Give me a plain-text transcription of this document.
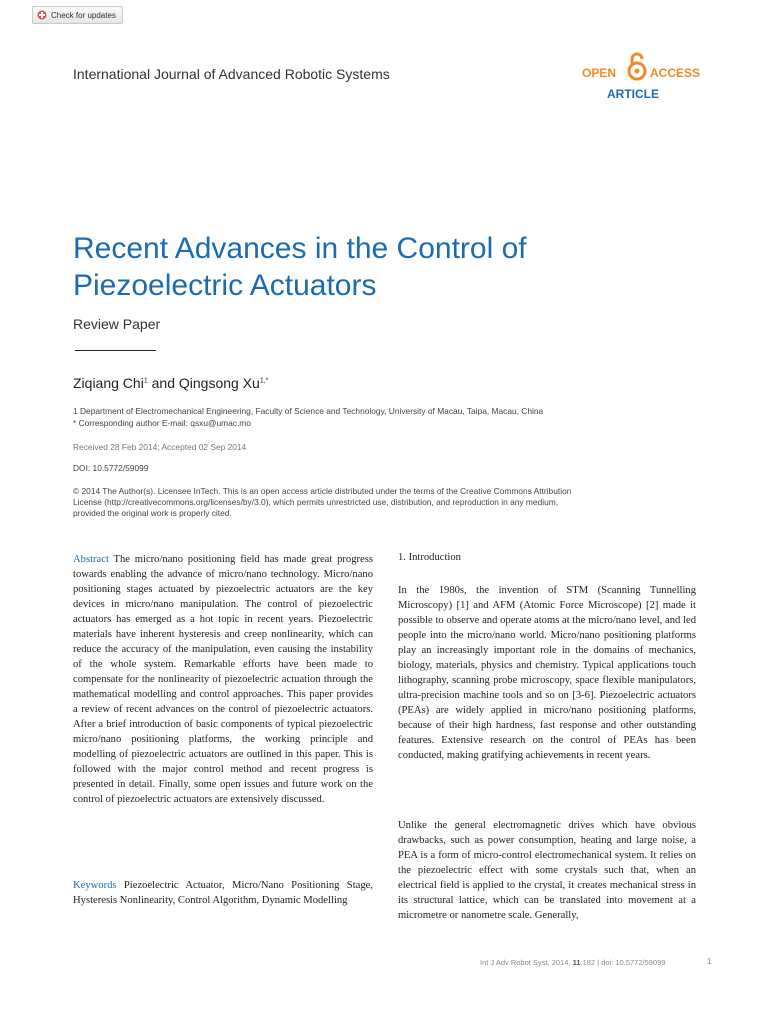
Check for updates
International Journal of Advanced Robotic Systems	OPEN	ACCESS
ARTICLE
Recent Advances in the Control of Piezoelectric Actuators
Review Paper
Ziqiang Chi$^1$ and Qingsong $Xu^{1,*}$
1 Department of Electromechanical Engineering, Faculty of Science and Technology, University of Macau, Taipa, Macau, China
* Corresponding author E-mail: qsxu@umac.mo
Received 28 Feb 2014; Accepted 02 Sep 2014
DOI: 10.5772/59099
© 2014 The Author(s). Licensee InTech. This is an open access article distributed under the terms of the Creative Commons Attribution License (http://creativecommons.org/licenses/by/3.0), which permits unrestricted use, distribution, and reproduction in any medium, provided the original work is properly cited.
Abstract The micro/nano positioning field has made great progress towards enabling the advance of micro/nano technology. Micro/nano positioning stages actuated by piezoelectric actuators are the key devices in micro/nano manipulation. The control of piezoelectric actuators has emerged as a hot topic in recent years. Piezoelectric materials have inherent hysteresis and creep nonlinearity, which can reduce the accuracy of the manipulation, even causing the instability of the whole system. Remarkable efforts have been made to compensate for the nonlinearity of piezoelectric actuation through the mathematical modelling and control approaches. This paper provides a review of recent advances on the control of piezoelectric actuators. After a brief introduction of basic components of typical piezoelectric micro/nano positioning platforms, the working principle and modelling of piezoelectric actuators are outlined in this paper. This is followed with the major control method and recent progress is presented in detail. Finally, some open issues and future work on the control of piezoelectric actuators are extensively discussed.
Keywords Piezoelectric Actuator, Micro/Nano Positioning Stage, Hysteresis Nonlinearity, Control Algorithm, Dynamic Modelling
1. Introduction
In the 1980s, the invention of STM (Scanning Tunnelling Microscopy) [1] and AFM (Atomic Force Microscope) [2] made it possible to observe and operate atoms at the micro/nano level, and led people into the micro/nano world. Micro/nano positioning platforms play an increasingly important role in the domains of mechanics, biology, materials, physics and chemistry. Typical applications touch lithography, scanning probe microscopy, space flexible manipulators, ultra-precision machine tools and so on [3-6]. Piezoelectric actuators (PEAs) are widely applied in micro/nano positioning platforms, because of their high hardness, fast response and other outstanding features. Extensive research on the control of PEAs has been conducted, making gratifying achievements in recent years.
Unlike the general electromagnetic drives which have obvious drawbacks, such as power consumption, heating and large noise, a PEA is a form of micro-control electromechanical system. It relies on the piezoelectric effect with some crystals such that, when an electrical field is applied to the crystal, it creates mechanical stress in its structural lattice, which can be translated into movement at a micrometre or nanometre scale. Generally,
Int J Adv Robot Syst, 2014, 11:182 | doi: 10.5772/59099	1
